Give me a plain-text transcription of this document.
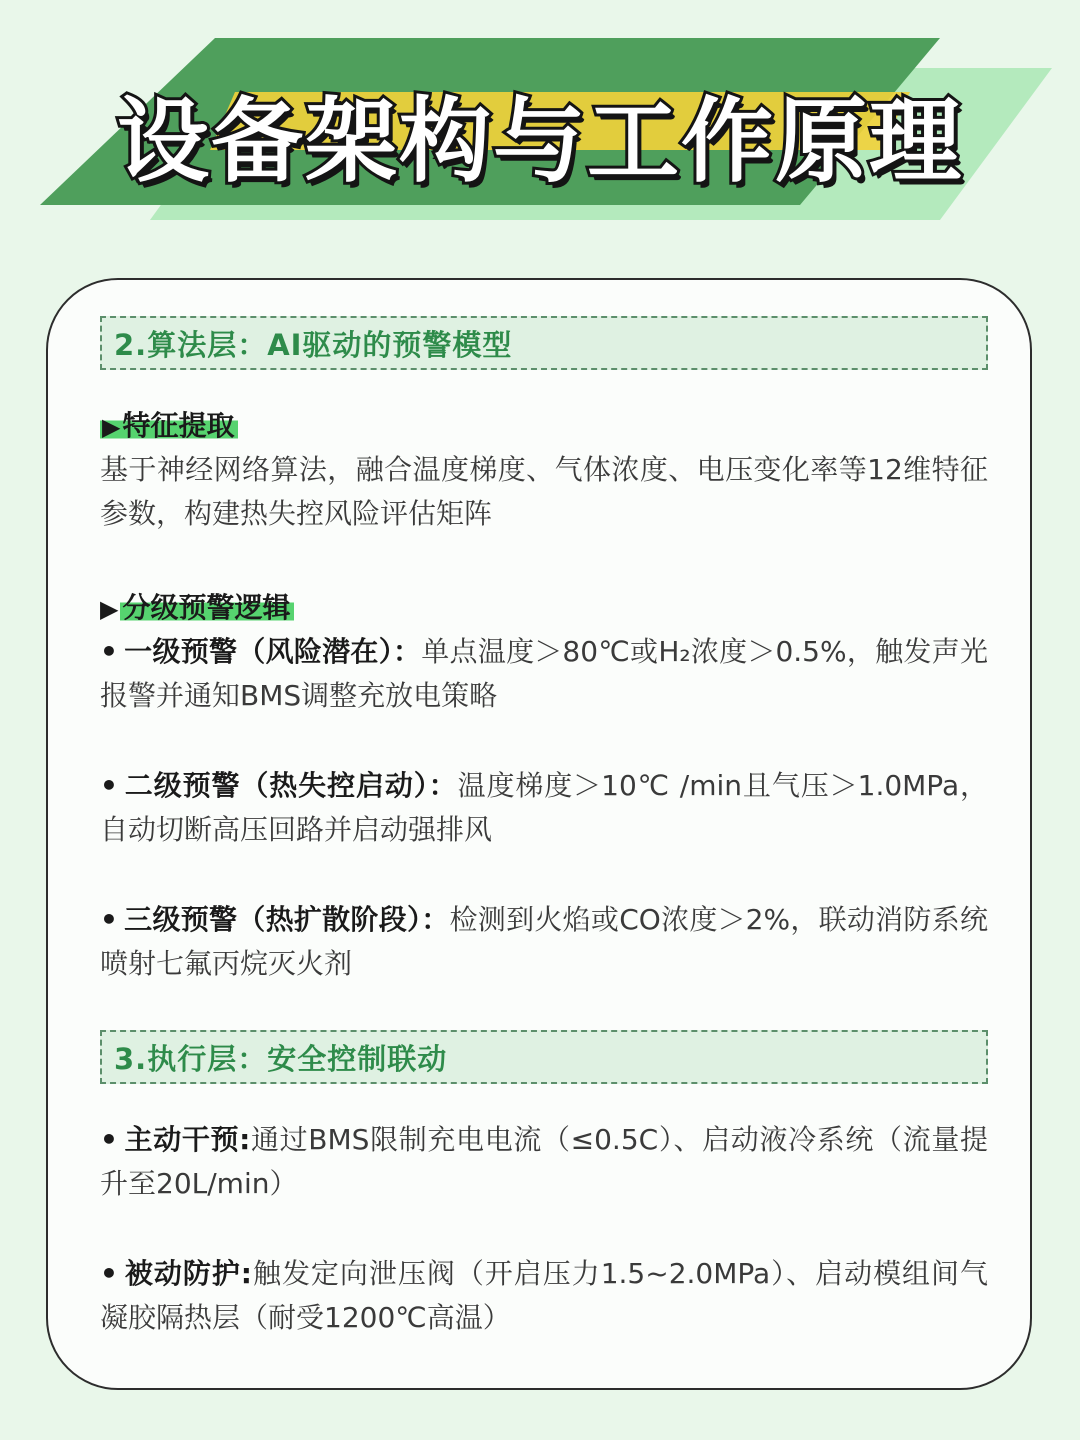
设备架构与工作原理
2.算法层：AI驱动的预警模型
▶特征提取
基于神经网络算法，融合温度梯度、气体浓度、电压变化率等12维特征参数，构建热失控风险评估矩阵
▶ 分级预警逻辑
• 一级预警（风险潜在）：单点温度＞80℃或H₂浓度＞0.5%，触发声光报警并通知BMS调整充放电策略
• 二级预警（热失控启动）：温度梯度＞10℃ /min且气压＞1.0MPa，自动切断高压回路并启动强排风
• 三级预警（热扩散阶段）：检测到火焰或CO浓度＞2%，联动消防系统喷射七氟丙烷灭火剂
3.执行层：安全控制联动
• 主动干预:通过BMS限制充电电流（≤0.5C）、启动液冷系统（流量提升至20L/min）
• 被动防护:触发定向泄压阀（开启压力1.5~2.0MPa）、启动模组间气凝胶隔热层（耐受1200℃高温）
